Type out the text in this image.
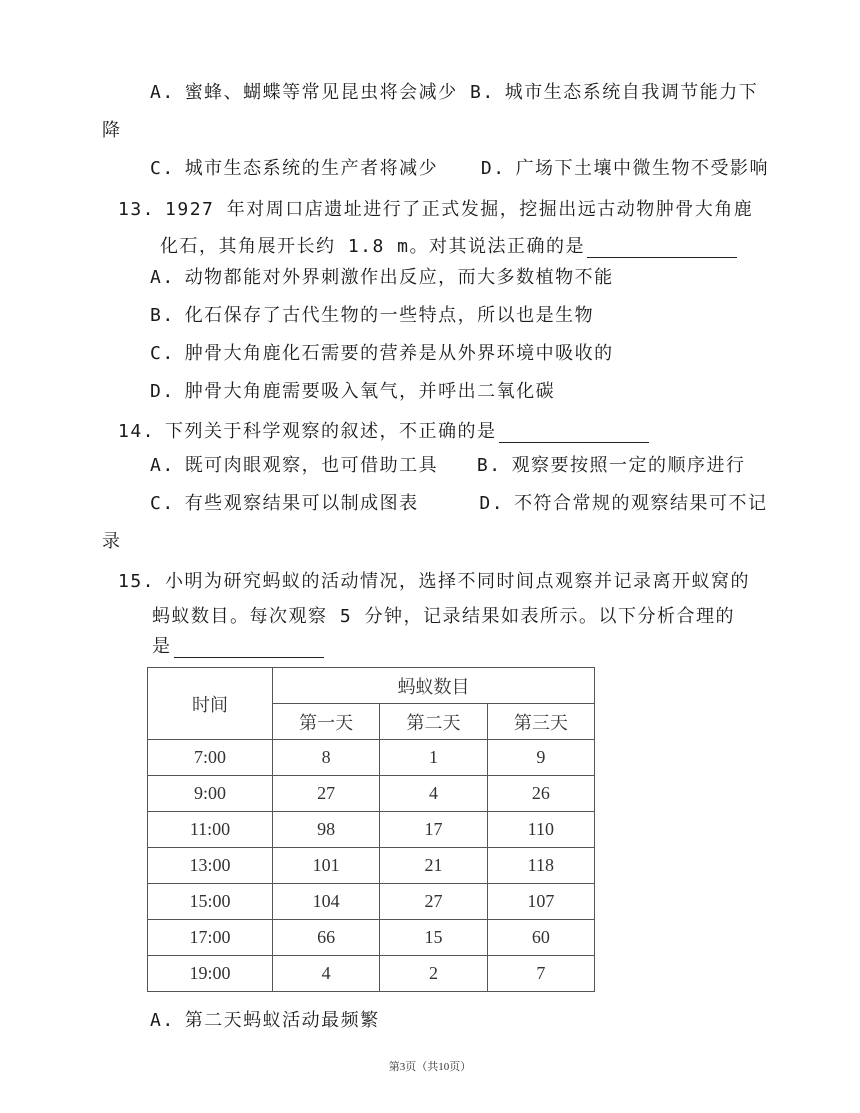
A. 蜜蜂、蝴蝶等常见昆虫将会减少 B. 城市生态系统自我调节能力下
降
C. 城市生态系统的生产者将减少 D. 广场下土壤中微生物不受影响
13. 1927 年对周口店遗址进行了正式发掘，挖掘出远古动物肿骨大角鹿
化石，其角展开长约 1.8 m。对其说法正确的是
A. 动物都能对外界刺激作出反应，而大多数植物不能
B. 化石保存了古代生物的一些特点，所以也是生物
C. 肿骨大角鹿化石需要的营养是从外界环境中吸收的
D. 肿骨大角鹿需要吸入氧气，并呼出二氧化碳
14. 下列关于科学观察的叙述，不正确的是
A. 既可肉眼观察，也可借助工具 B. 观察要按照一定的顺序进行
C. 有些观察结果可以制成图表	D. 不符合常规的观察结果可不记
录
15. 小明为研究蚂蚁的活动情况，选择不同时间点观察并记录离开蚁窝的
蚂蚁数目。每次观察 5 分钟，记录结果如表所示。以下分析合理的
是
时间	蚂蚁数目		
	第一天	第二天	第三天
7:00	8	1	9
9:00	27	4	26
11:00	98	17	110
13:00	101	21	118
15:00	104	27	107
17:00	66	15	60
19:00	4	2	7
A. 第二天蚂蚁活动最频繁
第3页（共10页）
